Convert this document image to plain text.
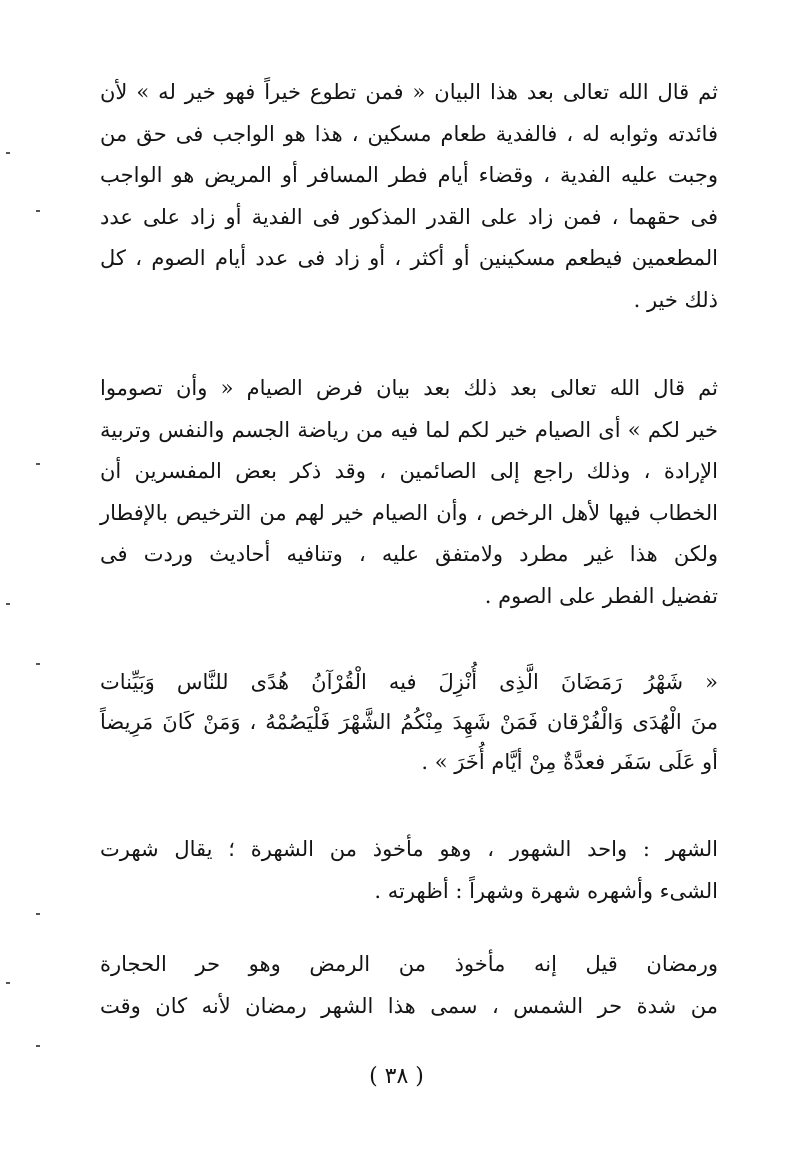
ثم قال الله تعالى بعد هذا البيان « فمن تطوع خيراً فهو خير له » لأن
فائدته وثوابه له ، فالفدية طعام مسكين ، هذا هو الواجب فى حق من
وجبت عليه الفدية ، وقضاء أيام فطر المسافر أو المريض هو الواجب
فى حقهما ، فمن زاد على القدر المذكور فى الفدية أو زاد على عدد
المطعمين فيطعم مسكينين أو أكثر ، أو زاد فى عدد أيام الصوم ، كل
ذلك خير .
ثم قال الله تعالى بعد ذلك بعد بيان فرض الصيام « وأن تصوموا
خير لكم » أى الصيام خير لكم لما فيه من رياضة الجسم والنفس وتربية
الإرادة ، وذلك راجع إلى الصائمين ، وقد ذكر بعض المفسرين أن
الخطاب فيها لأهل الرخص ، وأن الصيام خير لهم من الترخيص بالإفطار
ولكن هذا غير مطرد ولامتفق عليه ، وتنافيه أحاديث وردت فى
تفضيل الفطر على الصوم .
« شَهْرُ رَمَضَانَ الَّذِى أُنْزِلَ فيه الْقُرْآنُ هُدًى للنَّاس وَبَيِّنات
منَ الْهُدَى وَالْفُرْقان فَمَنْ شَهِدَ مِنْكُمُ الشَّهْرَ فَلْيَصُمْهُ ، وَمَنْ كَانَ مَرِيضاً
أو عَلَى سَفَر فعدَّةٌ مِنْ أيَّام أُخَرَ » .
الشهر : واحد الشهور ، وهو مأخوذ من الشهرة ؛ يقال شهرت
الشىء وأشهره شهرة وشهراً : أظهرته .
ورمضان قيل إنه مأخوذ من الرمض وهو حر الحجارة
من شدة حر الشمس ، سمى هذا الشهر رمضان لأنه كان وقت
( ٣٨ )
